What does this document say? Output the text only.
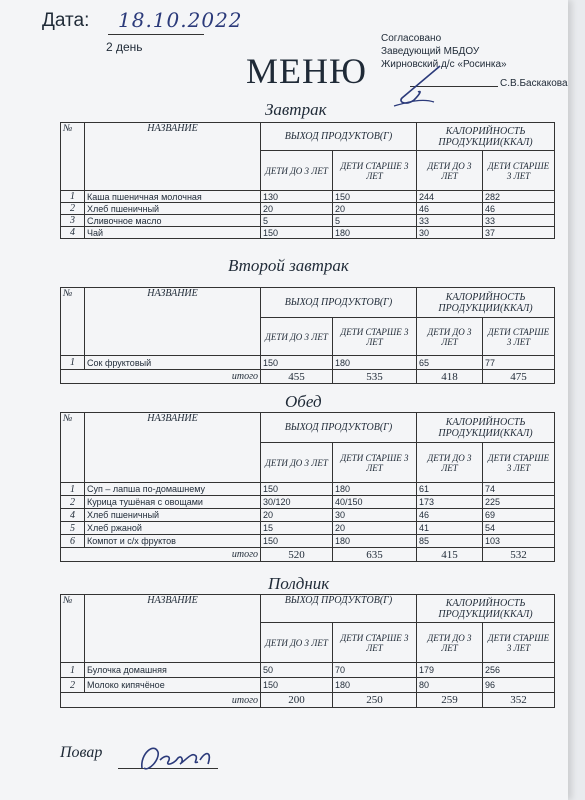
Дата: 18.10.2022
2 день
МЕНЮ
Согласовано
Заведующий МБДОУ
Жирновский д/с «Росинка»
С.В.Баскакова
Завтрак
№	НАЗВАНИЕ	ВЫХОД ПРОДУКТОВ(Г)		КАЛОРИЙНОСТЬ ПРОДУКЦИИ(ККАЛ)	
		ДЕТИ ДО 3 ЛЕТ	ДЕТИ СТАРШЕ 3 ЛЕТ	ДЕТИ ДО 3 ЛЕТ	ДЕТИ СТАРШЕ 3 ЛЕТ
1	Каша пшеничная молочная	130	150	244	282
2	Хлеб пшеничный	20	20	46	46
3	Сливочное масло	5	5	33	33
4	Чай	150	180	30	37
Второй завтрак
№	НАЗВАНИЕ	ВЫХОД ПРОДУКТОВ(Г)		КАЛОРИЙНОСТЬ ПРОДУКЦИИ(ККАЛ)	
		ДЕТИ ДО 3 ЛЕТ	ДЕТИ СТАРШЕ 3 ЛЕТ	ДЕТИ ДО 3 ЛЕТ	ДЕТИ СТАРШЕ 3 ЛЕТ
1	Сок фруктовый	150	180	65	77
итого		455	535	418	475
Обед
№	НАЗВАНИЕ	ВЫХОД ПРОДУКТОВ(Г)		КАЛОРИЙНОСТЬ ПРОДУКЦИИ(ККАЛ)	
		ДЕТИ ДО 3 ЛЕТ	ДЕТИ СТАРШЕ 3 ЛЕТ	ДЕТИ ДО 3 ЛЕТ	ДЕТИ СТАРШЕ 3 ЛЕТ
1	Суп – лапша по-домашнему	150	180	61	74
2	Курица тушёная с овощами	30/120	40/150	173	225
4	Хлеб пшеничный	20	30	46	69
5	Хлеб ржаной	15	20	41	54
6	Компот и с/х фруктов	150	180	85	103
итого		520	635	415	532
Полдник
№	НАЗВАНИЕ	ВЫХОД ПРОДУКТОВ(Г)		КАЛОРИЙНОСТЬ ПРОДУКЦИИ(ККАЛ)	
		ДЕТИ ДО 3 ЛЕТ	ДЕТИ СТАРШЕ 3 ЛЕТ	ДЕТИ ДО 3 ЛЕТ	ДЕТИ СТАРШЕ 3 ЛЕТ
1	Булочка домашняя	50	70	179	256
2	Молоко кипячёное	150	180	80	96
итого		200	250	259	352
Повар
